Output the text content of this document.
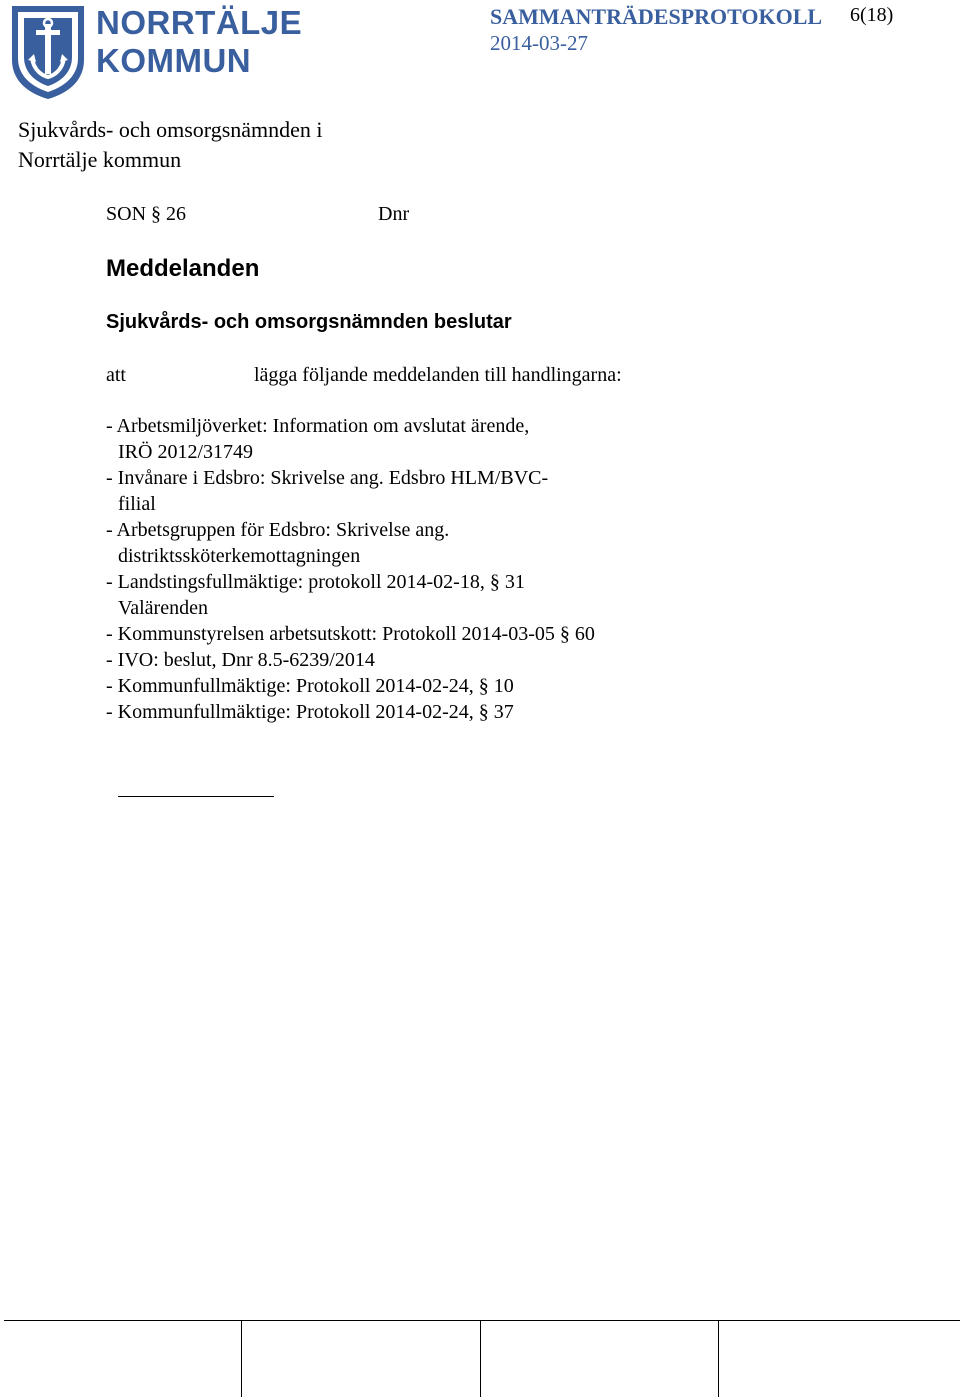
NORRTÄLJE
KOMMUN
SAMMANTRÄDESPROTOKOLL 6(18)
2014-03-27
Sjukvårds- och omsorgsnämnden i
Norrtälje kommun
SON § 26	Dnr
Meddelanden
Sjukvårds- och omsorgsnämnden beslutar
att	lägga följande meddelanden till handlingarna:
- Arbetsmiljöverket: Information om avslutat ärende,
IRÖ 2012/31749
- Invånare i Edsbro: Skrivelse ang. Edsbro HLM/BVC-
filial
- Arbetsgruppen för Edsbro: Skrivelse ang.
distriktssköterkemottagningen
- Landstingsfullmäktige: protokoll 2014-02-18, § 31
Valärenden
- Kommunstyrelsen arbetsutskott: Protokoll 2014-03-05 § 60
- IVO: beslut, Dnr 8.5-6239/2014
- Kommunfullmäktige: Protokoll 2014-02-24, § 10
- Kommunfullmäktige: Protokoll 2014-02-24, § 37
